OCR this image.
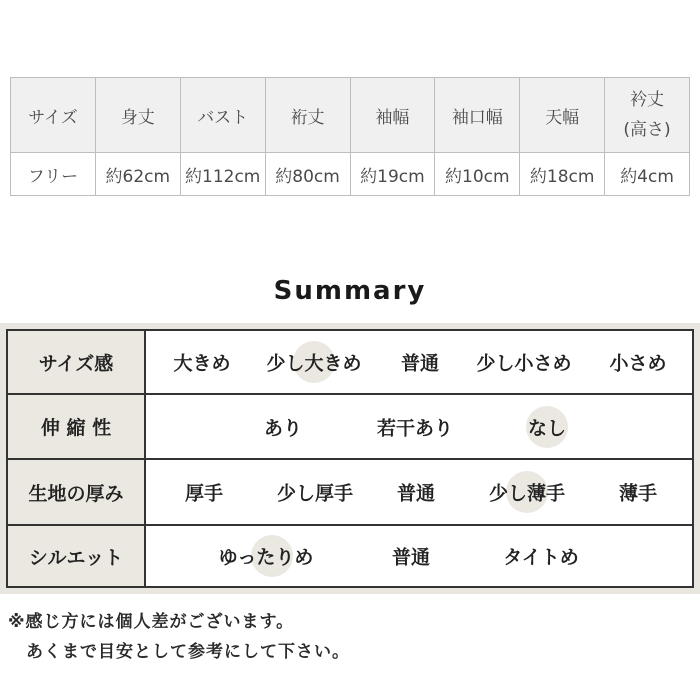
サイズ	身丈	バスト	裄丈	袖幅	袖口幅	天幅	衿丈
(高さ)

フリー	約62cm	約112cm	約80cm	約19cm	約10cm	約18cm	約4cm
Summary
サイズ感	大きめ 少し大きめ 普通 少し小さめ 小さめ
伸 縮 性	あり	若干あり	なし
生地の厚み	厚手	少し厚手 普通	少し薄手	薄手
シルエット	ゆったりめ	普通	タイトめ
※感じ方には個人差がございます。
　あくまで目安として参考にして下さい。
